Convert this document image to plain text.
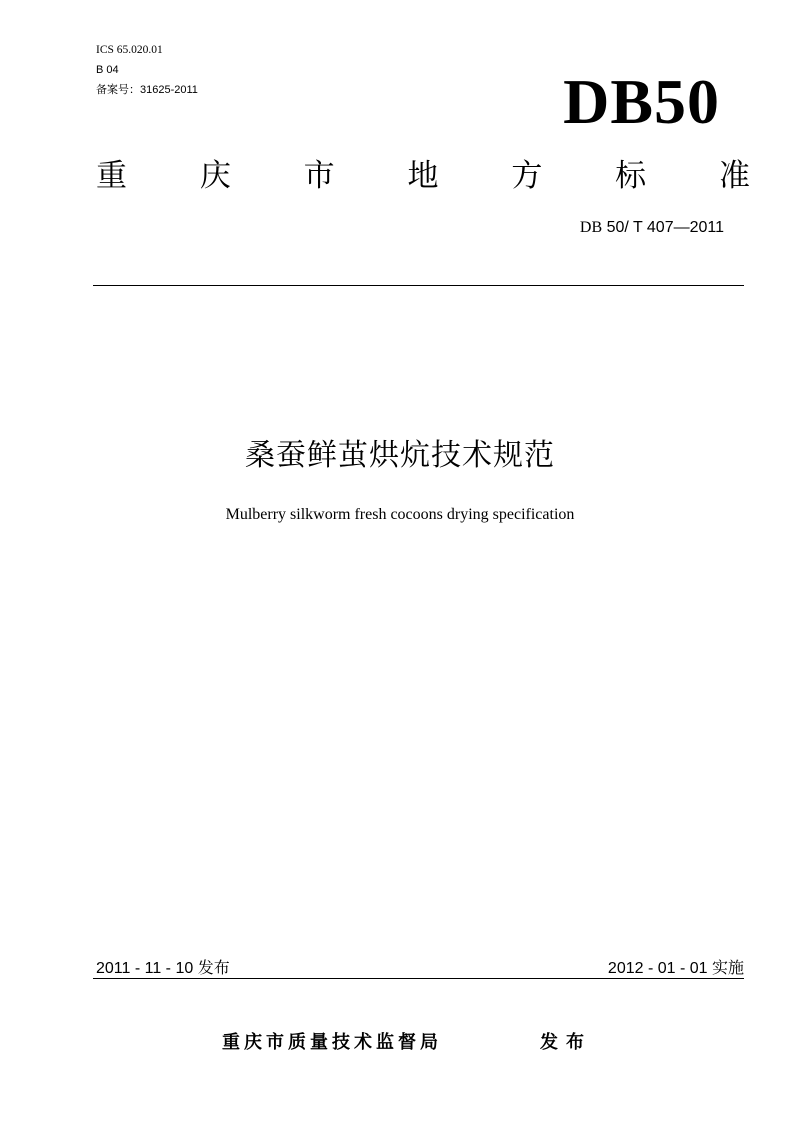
ICS 65.020.01
B 04
备案号：31625-2011	DB50
重 庆 市 地 方 标 准
DB 50/ T 407—2011
桑蚕鲜茧烘炕技术规范
Mulberry silkworm fresh cocoons drying specification
2011 - 11 - 10 发布	2012 - 01 - 01 实施
重庆市质量技术监督局	发布
